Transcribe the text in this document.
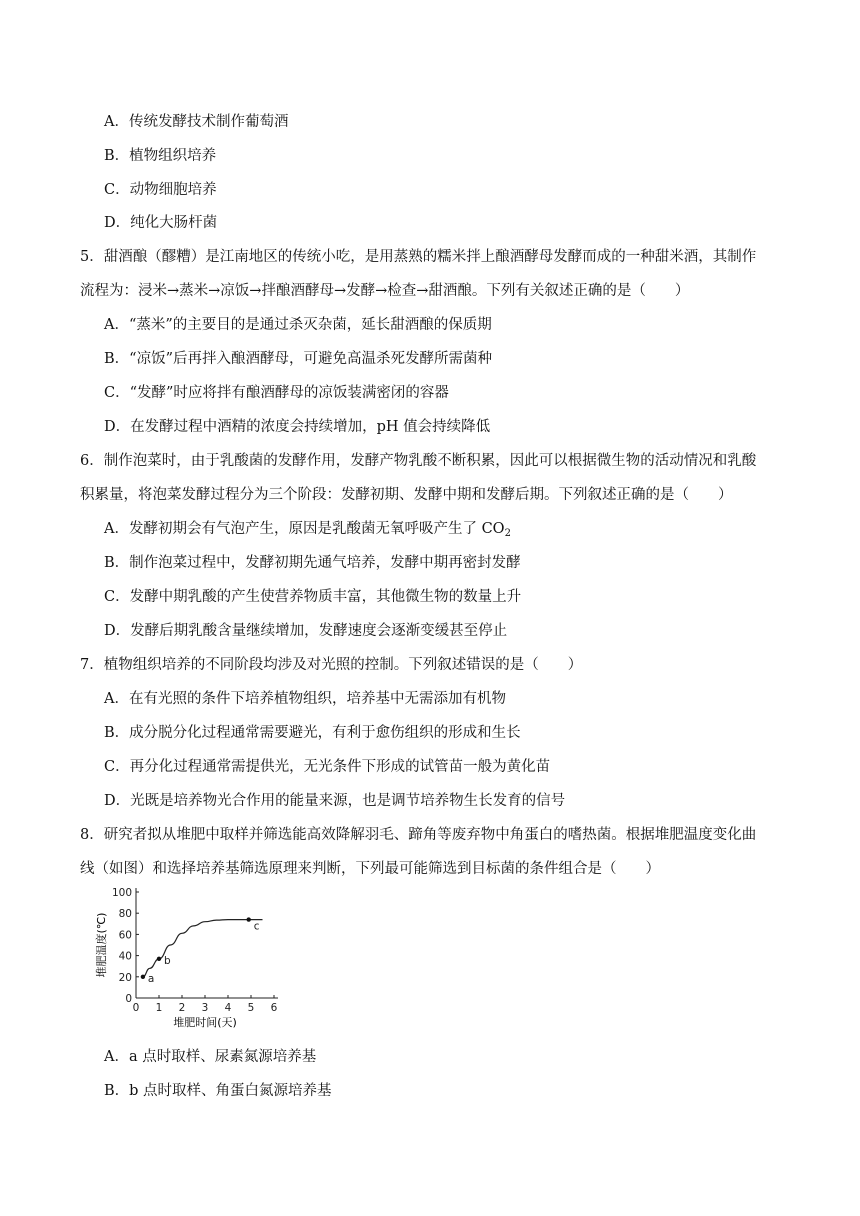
A．传统发酵技术制作葡萄酒
B．植物组织培养
C．动物细胞培养
D．纯化大肠杆菌
5．甜酒酿（醪糟）是江南地区的传统小吃，是用蒸熟的糯米拌上酿酒酵母发酵而成的一种甜米酒，其制作
流程为：浸米→蒸米→凉饭→拌酿酒酵母→发酵→检查→甜酒酿。下列有关叙述正确的是（　　）
A．“蒸米”的主要目的是通过杀灭杂菌，延长甜酒酿的保质期
B．“凉饭”后再拌入酿酒酵母，可避免高温杀死发酵所需菌种
C．“发酵”时应将拌有酿酒酵母的凉饭装满密闭的容器
D．在发酵过程中酒精的浓度会持续增加，pH 值会持续降低
6．制作泡菜时，由于乳酸菌的发酵作用，发酵产物乳酸不断积累，因此可以根据微生物的活动情况和乳酸
积累量，将泡菜发酵过程分为三个阶段：发酵初期、发酵中期和发酵后期。下列叙述正确的是（　　）
A．发酵初期会有气泡产生，原因是乳酸菌无氧呼吸产生了 $CO_2$
B．制作泡菜过程中，发酵初期先通气培养，发酵中期再密封发酵
C．发酵中期乳酸的产生使营养物质丰富，其他微生物的数量上升
D．发酵后期乳酸含量继续增加，发酵速度会逐渐变缓甚至停止
7．植物组织培养的不同阶段均涉及对光照的控制。下列叙述错误的是（　　）
A．在有光照的条件下培养植物组织，培养基中无需添加有机物
B．成分脱分化过程通常需要避光，有利于愈伤组织的形成和生长
C．再分化过程通常需提供光，无光条件下形成的试管苗一般为黄化苗
D．光既是培养物光合作用的能量来源，也是调节培养物生长发育的信号
8．研究者拟从堆肥中取样并筛选能高效降解羽毛、蹄角等废弃物中角蛋白的嗜热菌。根据堆肥温度变化曲
线（如图）和选择培养基筛选原理来判断，下列最可能筛选到目标菌的条件组合是（　　）
0 1 2 3 4 5 6
0
20
40
60
80
100
a
b
c
堆肥时间(天)
堆肥温度(℃)
A．a 点时取样、尿素氮源培养基
B．b 点时取样、角蛋白氮源培养基
